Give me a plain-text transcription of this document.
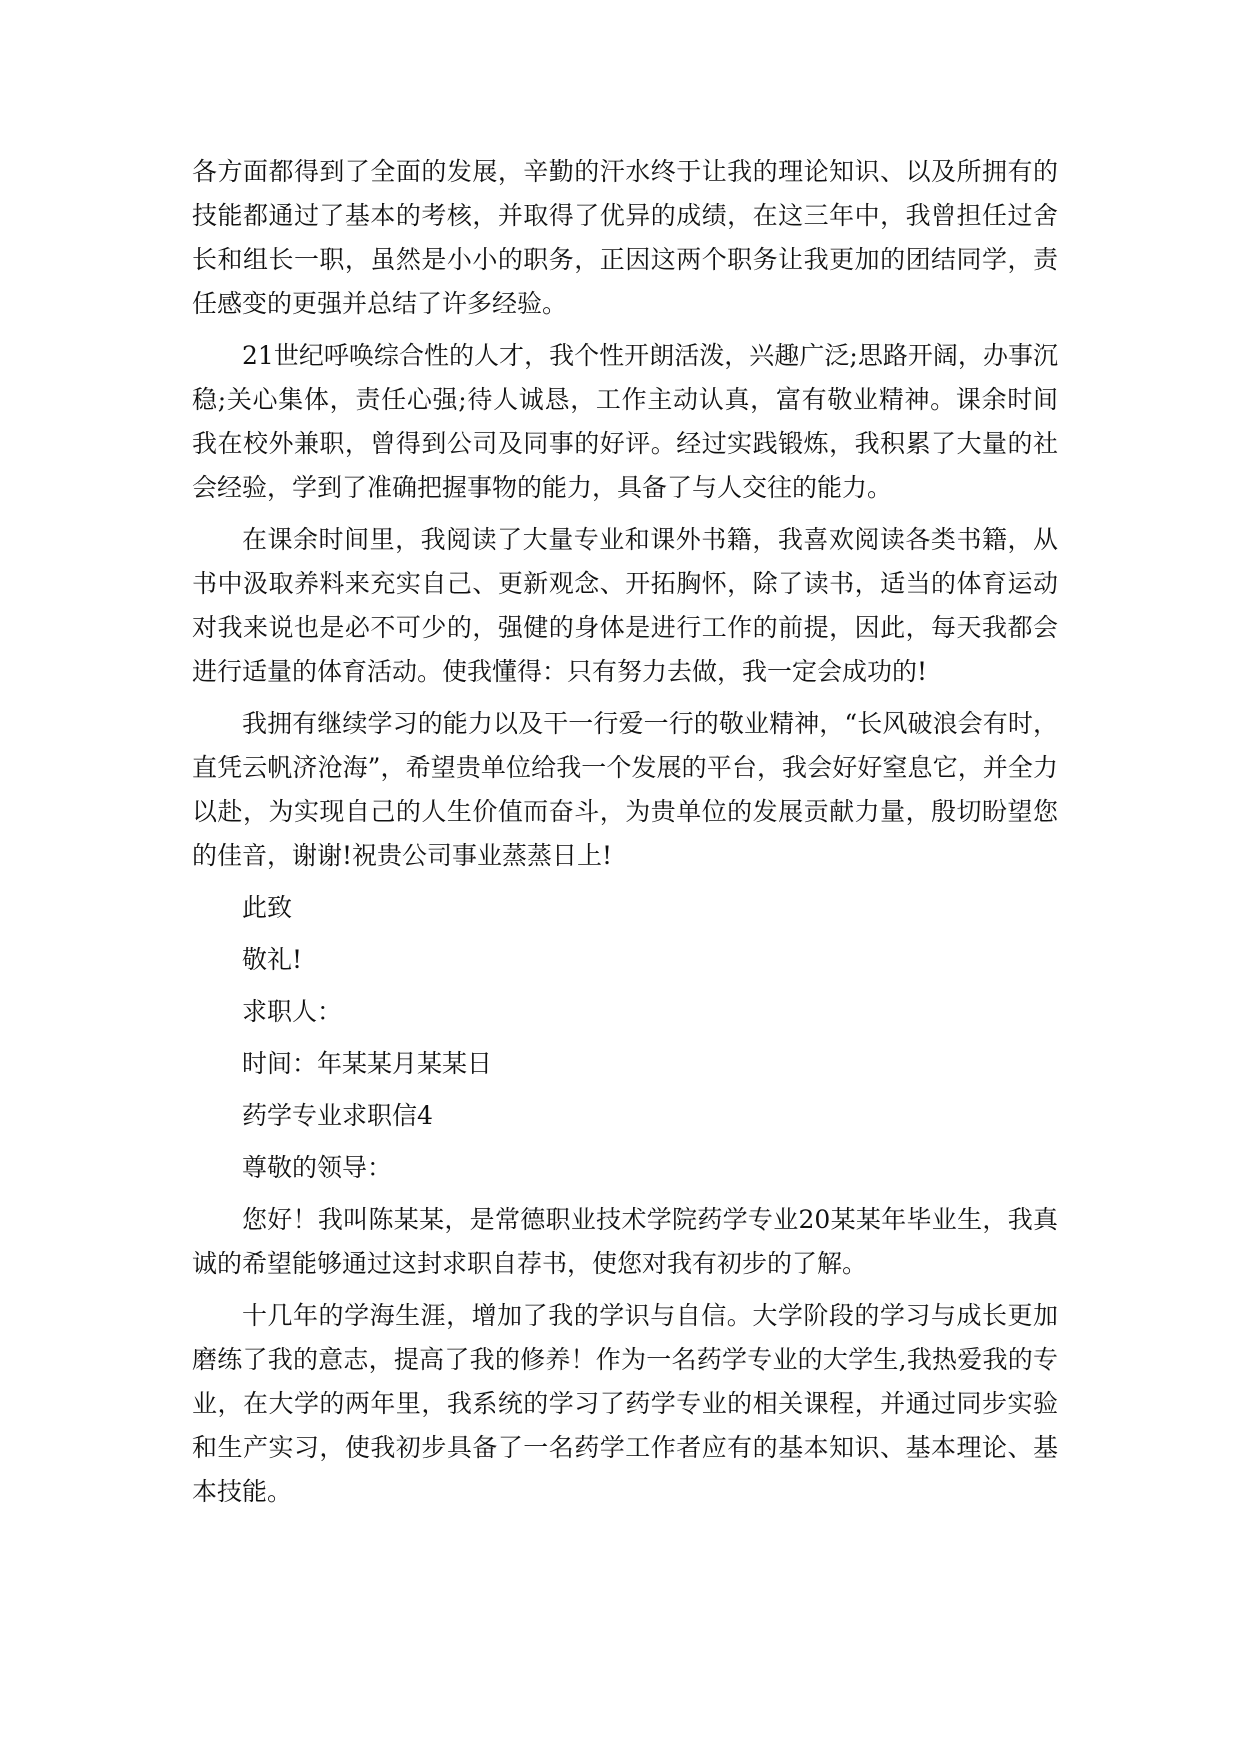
各方面都得到了全面的发展，辛勤的汗水终于让我的理论知识、以及所拥有的技能都通过了基本的考核，并取得了优异的成绩，在这三年中，我曾担任过舍长和组长一职，虽然是小小的职务，正因这两个职务让我更加的团结同学，责任感变的更强并总结了许多经验。

21世纪呼唤综合性的人才，我个性开朗活泼，兴趣广泛;思路开阔，办事沉稳;关心集体，责任心强;待人诚恳，工作主动认真，富有敬业精神。课余时间我在校外兼职，曾得到公司及同事的好评。经过实践锻炼，我积累了大量的社会经验，学到了准确把握事物的能力，具备了与人交往的能力。

在课余时间里，我阅读了大量专业和课外书籍，我喜欢阅读各类书籍，从书中汲取养料来充实自己、更新观念、开拓胸怀，除了读书，适当的体育运动对我来说也是必不可少的，强健的身体是进行工作的前提，因此，每天我都会进行适量的体育活动。使我懂得：只有努力去做，我一定会成功的!

我拥有继续学习的能力以及干一行爱一行的敬业精神，“长风破浪会有时，直凭云帆济沧海”，希望贵单位给我一个发展的平台，我会好好窒息它，并全力以赴，为实现自己的人生价值而奋斗，为贵单位的发展贡献力量，殷切盼望您的佳音，谢谢!祝贵公司事业蒸蒸日上!

此致

敬礼!

求职人：

时间：年某某月某某日

药学专业求职信4

尊敬的领导：

您好！我叫陈某某，是常德职业技术学院药学专业20某某年毕业生，我真诚的希望能够通过这封求职自荐书，使您对我有初步的了解。

十几年的学海生涯，增加了我的学识与自信。大学阶段的学习与成长更加磨练了我的意志，提高了我的修养！作为一名药学专业的大学生,我热爱我的专业，在大学的两年里，我系统的学习了药学专业的相关课程，并通过同步实验和生产实习，使我初步具备了一名药学工作者应有的基本知识、基本理论、基本技能。
